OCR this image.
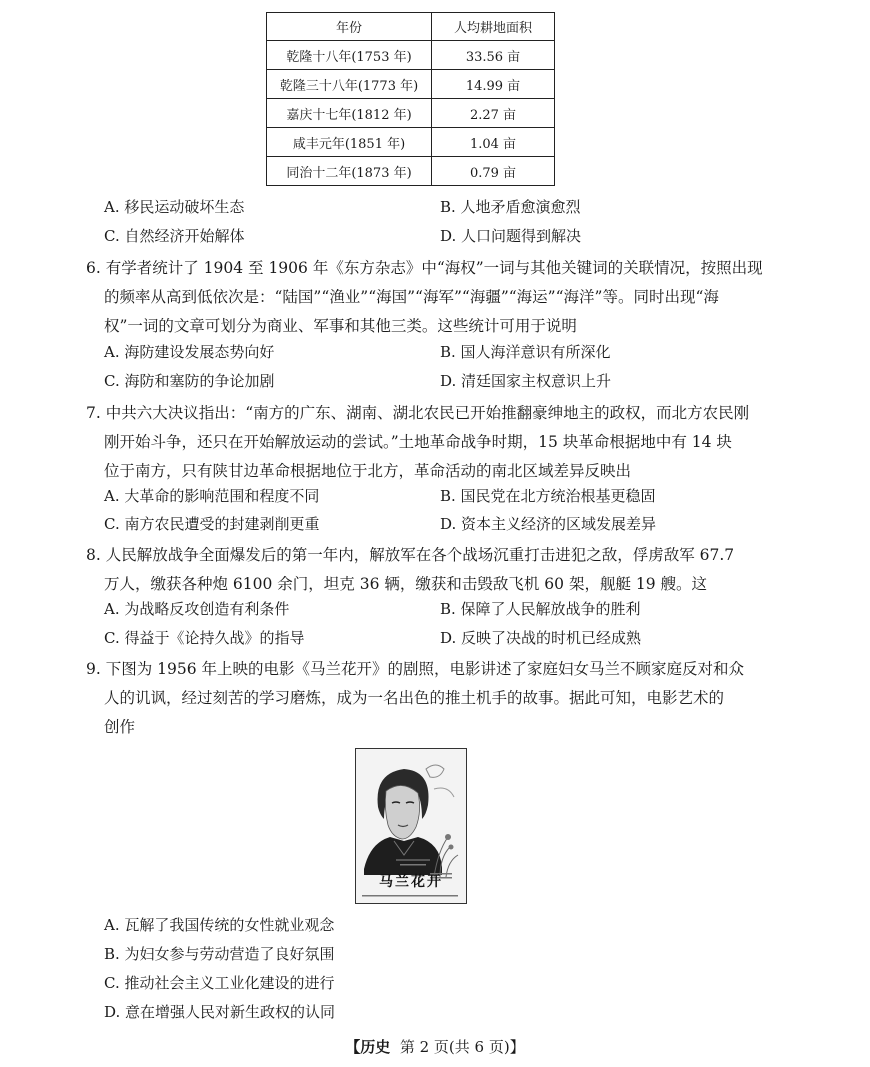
年份	人均耕地面积
乾隆十八年(1753 年)	33.56 亩
乾隆三十八年(1773 年)	14.99 亩
嘉庆十七年(1812 年)	2.27 亩
咸丰元年(1851 年)	1.04 亩
同治十二年(1873 年)	0.79 亩
A. 移民运动破坏生态	B. 人地矛盾愈演愈烈
C. 自然经济开始解体	D. 人口问题得到解决
6. 有学者统计了 1904 至 1906 年《东方杂志》中“海权”一词与其他关键词的关联情况，按照出现
的频率从高到低依次是：“陆国”“渔业”“海国”“海军”“海疆”“海运”“海洋”等。同时出现“海
权”一词的文章可划分为商业、军事和其他三类。这些统计可用于说明
A. 海防建设发展态势向好	B. 国人海洋意识有所深化
C. 海防和塞防的争论加剧	D. 清廷国家主权意识上升
7. 中共六大决议指出：“南方的广东、湖南、湖北农民已开始推翻豪绅地主的政权，而北方农民刚
刚开始斗争，还只在开始解放运动的尝试。”土地革命战争时期，15 块革命根据地中有 14 块
位于南方，只有陕甘边革命根据地位于北方，革命活动的南北区域差异反映出
A. 大革命的影响范围和程度不同	B. 国民党在北方统治根基更稳固
C. 南方农民遭受的封建剥削更重	D. 资本主义经济的区域发展差异
8. 人民解放战争全面爆发后的第一年内，解放军在各个战场沉重打击进犯之敌，俘虏敌军 67.7
万人，缴获各种炮 6100 余门，坦克 36 辆，缴获和击毁敌飞机 60 架，舰艇 19 艘。这
A. 为战略反攻创造有利条件	B. 保障了人民解放战争的胜利
C. 得益于《论持久战》的指导	D. 反映了决战的时机已经成熟
9. 下图为 1956 年上映的电影《马兰花开》的剧照，电影讲述了家庭妇女马兰不顾家庭反对和众
人的讥讽，经过刻苦的学习磨炼，成为一名出色的推土机手的故事。据此可知，电影艺术的
创作
马兰花开
A. 瓦解了我国传统的女性就业观念
B. 为妇女参与劳动营造了良好氛围
C. 推动社会主义工业化建设的进行
D. 意在增强人民对新生政权的认同
【历史 第 2 页(共 6 页)】
